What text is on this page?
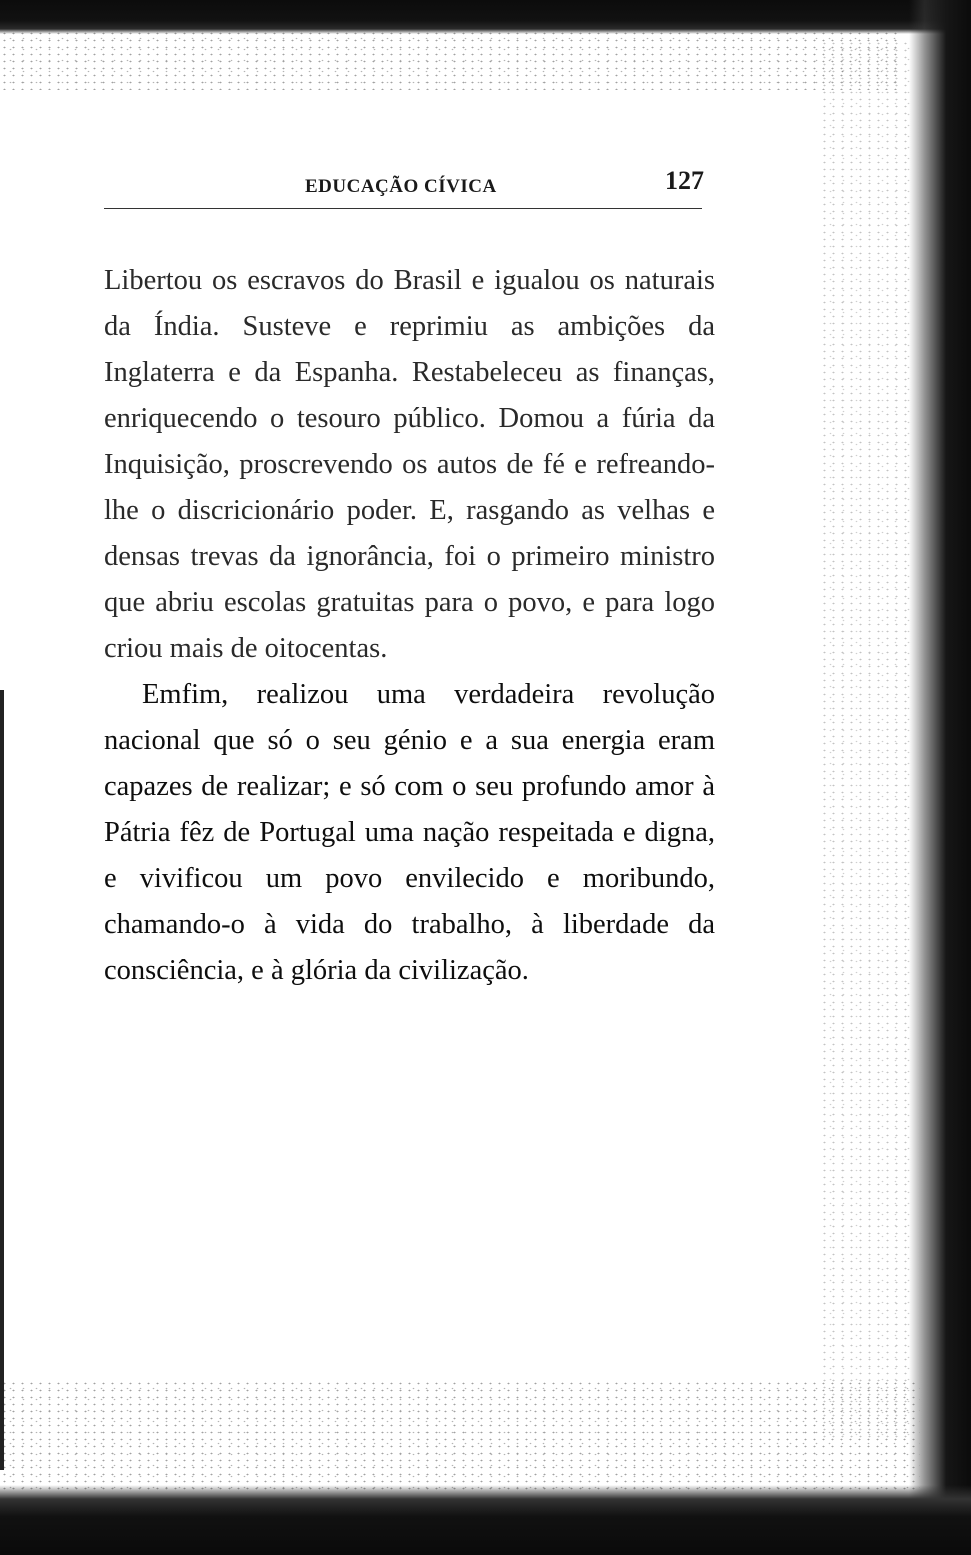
EDUCAÇÃO CÍVICA	127

Libertou os escravos do Brasil e igualou os naturais da Índia. Susteve e reprimiu as ambições da Inglaterra e da Espanha. Restabeleceu as finanças, enriquecendo o tesouro público. Domou a fúria da Inquisição, proscrevendo os autos de fé e refreando-lhe o discricionário poder. E, rasgando as velhas e densas trevas da ignorância, foi o primeiro ministro que abriu escolas gratuitas para o povo, e para logo criou mais de oitocentas.

Emfim, realizou uma verdadeira revolução nacional que só o seu génio e a sua energia eram capazes de realizar; e só com o seu profundo amor à Pátria fêz de Portugal uma nação respeitada e digna, e vivificou um povo envilecido e moribundo, chamando-o à vida do trabalho, à liberdade da consciência, e à glória da civilização.
